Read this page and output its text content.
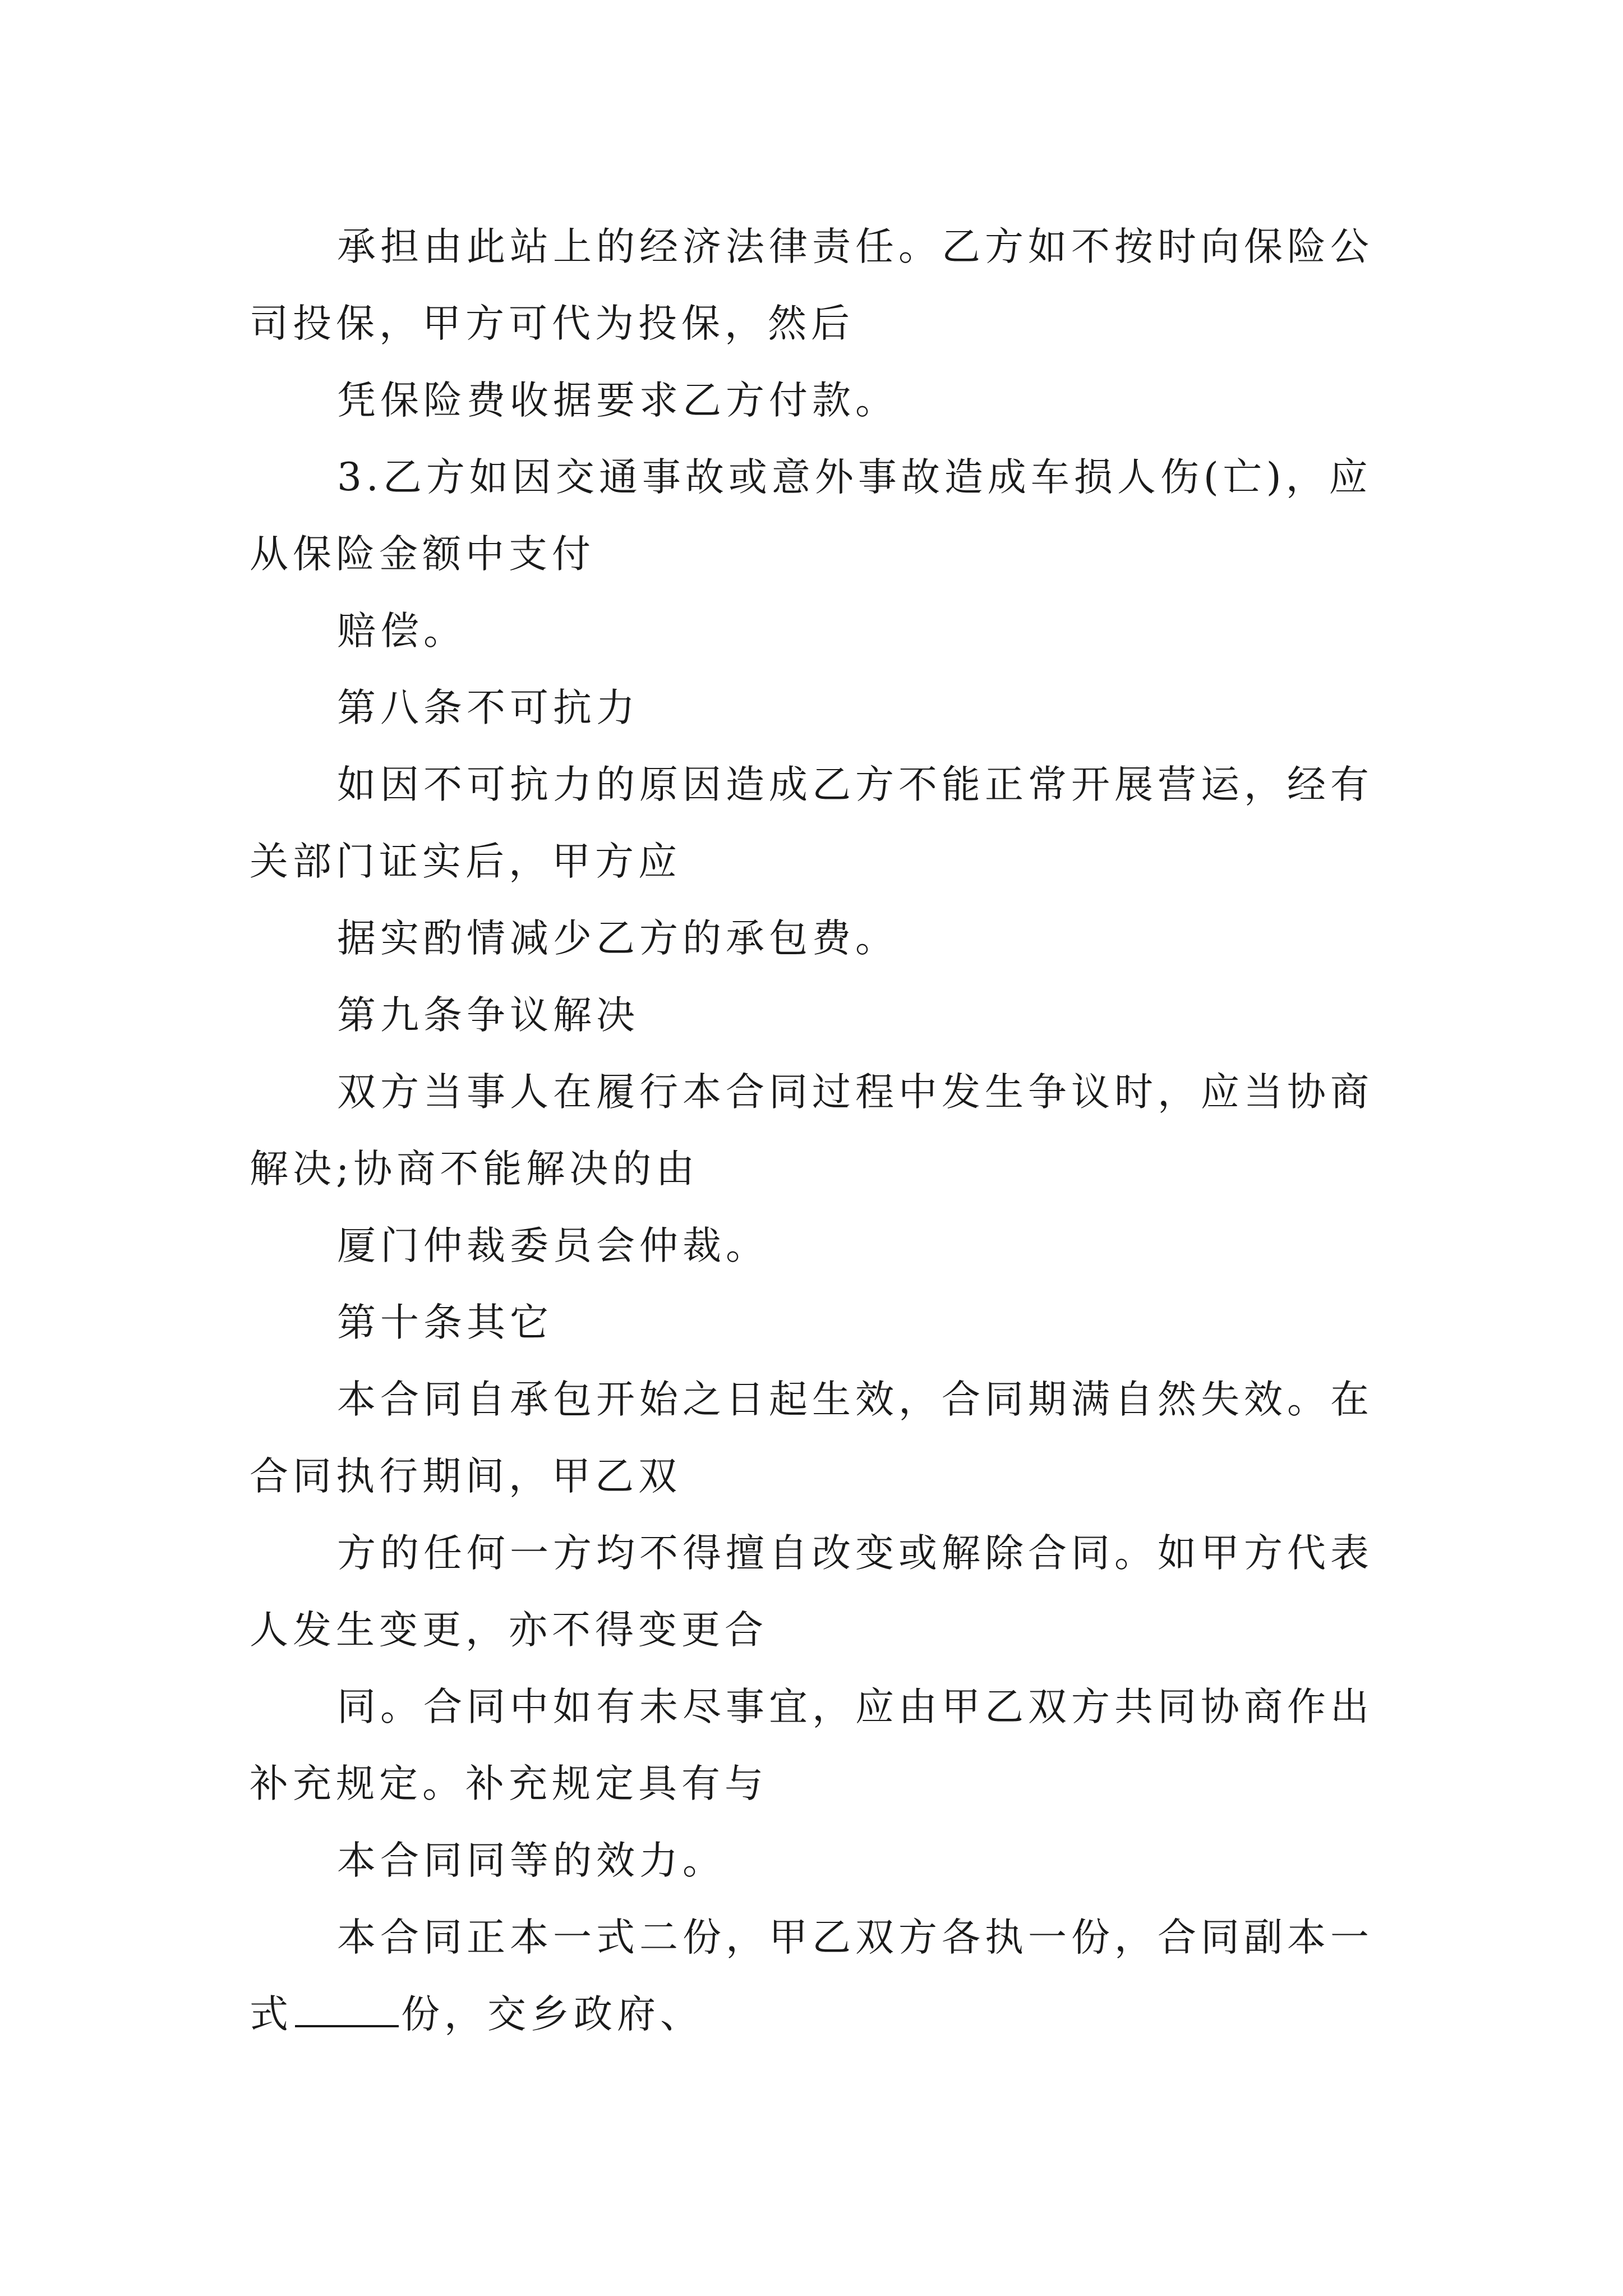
承担由此站上的经济法律责任。乙方如不按时向保险公
司投保，甲方可代为投保，然后
凭保险费收据要求乙方付款。
3.乙方如因交通事故或意外事故造成车损人伤(亡)，应
从保险金额中支付
赔偿。
第八条不可抗力
如因不可抗力的原因造成乙方不能正常开展营运，经有
关部门证实后，甲方应
据实酌情减少乙方的承包费。
第九条争议解决
双方当事人在履行本合同过程中发生争议时，应当协商
解决;协商不能解决的由
厦门仲裁委员会仲裁。
第十条其它
本合同自承包开始之日起生效，合同期满自然失效。在
合同执行期间，甲乙双
方的任何一方均不得擅自改变或解除合同。如甲方代表
人发生变更，亦不得变更合
同。合同中如有未尽事宜，应由甲乙双方共同协商作出
补充规定。补充规定具有与
本合同同等的效力。
本合同正本一式二份，甲乙双方各执一份，合同副本一
式	份，交乡政府、
